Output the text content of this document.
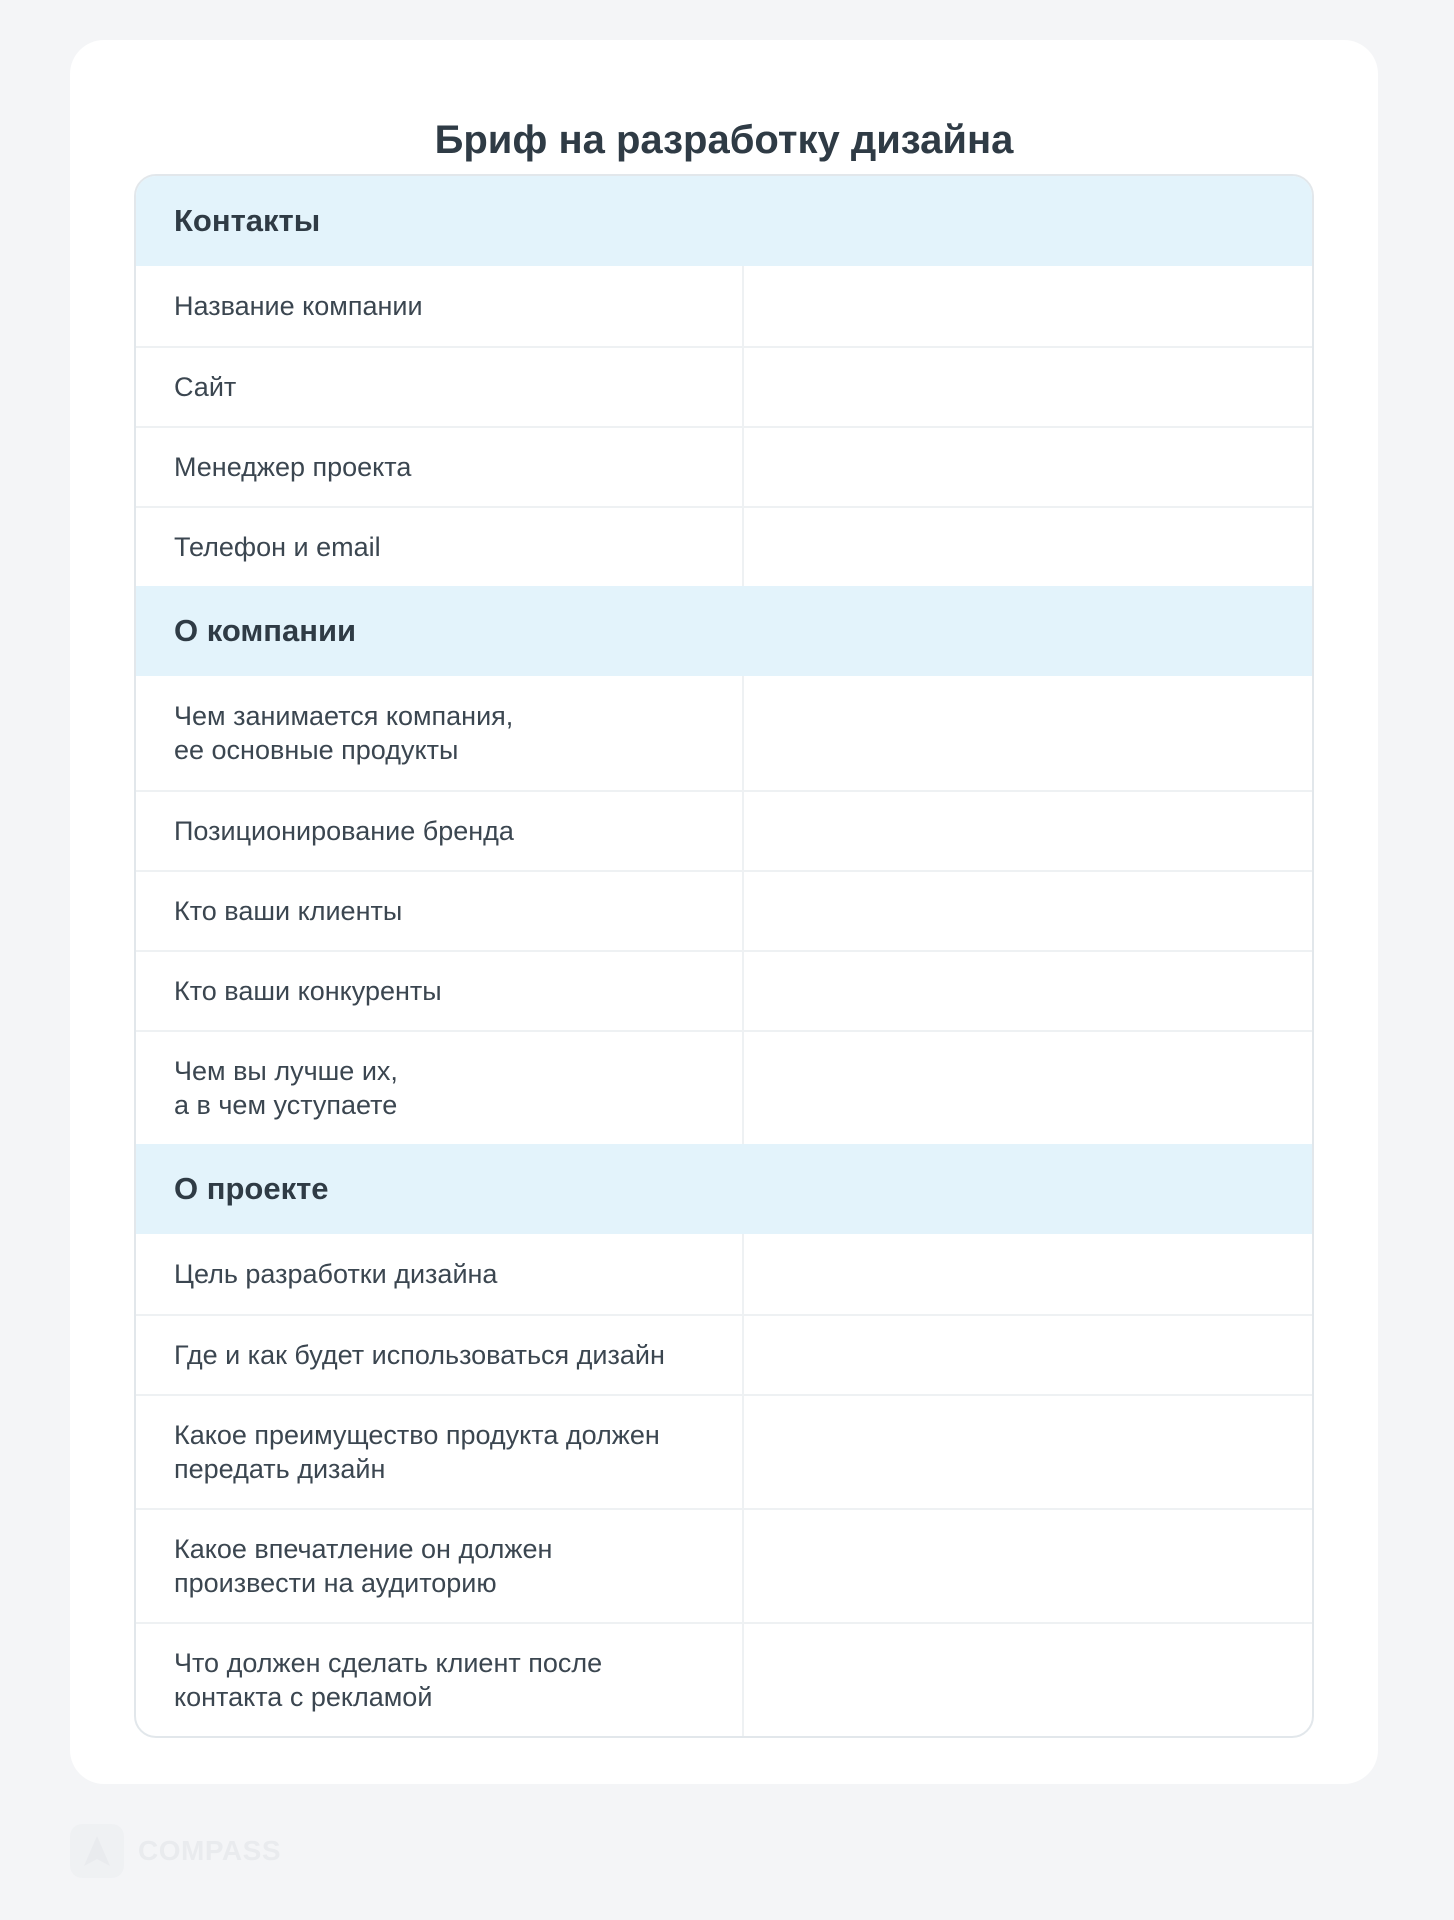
Бриф на разработку дизайна
Контакты
Название компании
Сайт
Менеджер проекта
Телефон и email
О компании
Чем занимается компания,
ее основные продукты
Позиционирование бренда
Кто ваши клиенты
Кто ваши конкуренты
Чем вы лучше их,
а в чем уступаете
О проекте
Цель разработки дизайна
Где и как будет использоваться дизайн
Какое преимущество продукта должен
передать дизайн
Какое впечатление он должен
произвести на аудиторию
Что должен сделать клиент после
контакта с рекламой
COMPASS
